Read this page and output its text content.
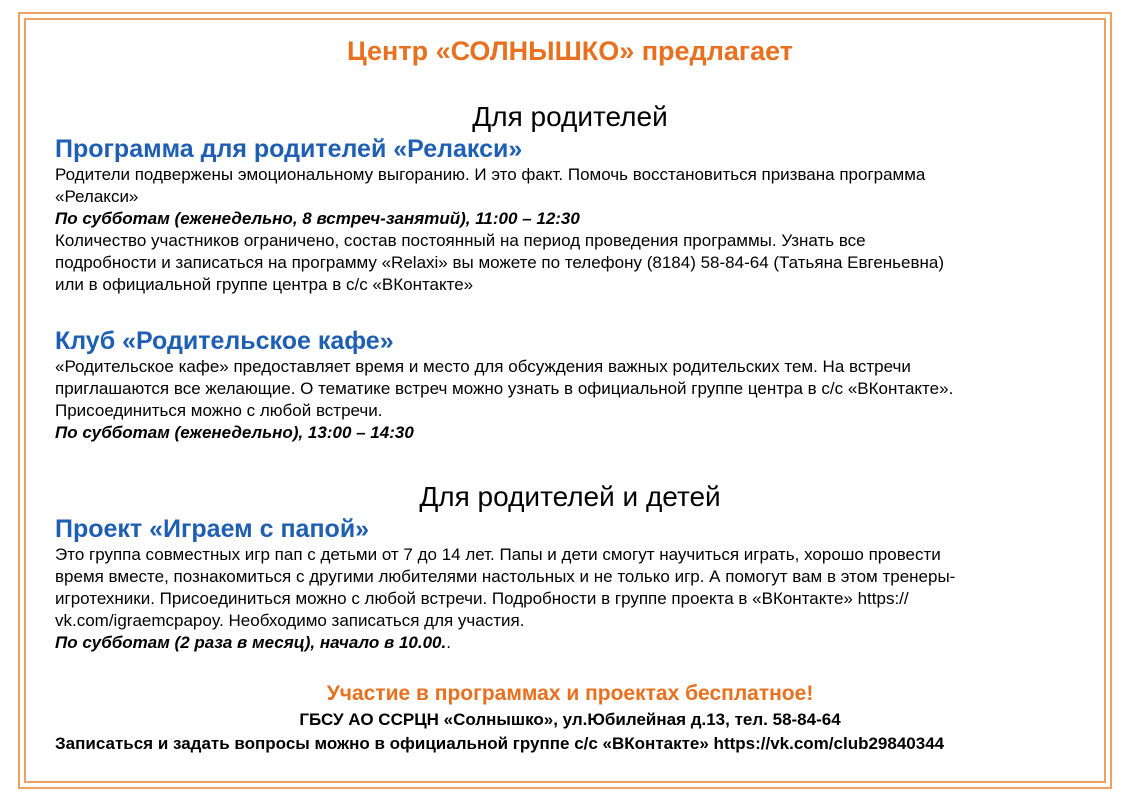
Центр «СОЛНЫШКО» предлагает

Для родителей

Программа для родителей «Релакси»

Родители подвержены эмоциональному выгоранию. И это факт. Помочь восстановиться призвана программа

«Релакси»

По субботам (еженедельно, 8 встреч-занятий), 11:00 – 12:30

Количество участников ограничено, состав постоянный на период проведения программы. Узнать все

подробности и записаться на программу «Relaxi» вы можете по телефону (8184) 58-84-64 (Татьяна Евгеньевна)

или в официальной группе центра в с/с «ВКонтакте»

Клуб «Родительское кафе»

«Родительское кафе» предоставляет время и место для обсуждения важных родительских тем. На встречи

приглашаются все желающие. О тематике встреч можно узнать в официальной группе центра в с/с «ВКонтакте».

Присоединиться можно с любой встречи.

По субботам (еженедельно), 13:00 – 14:30

Для родителей и детей

Проект «Играем с папой»

Это группа совместных игр пап с детьми от 7 до 14 лет. Папы и дети смогут научиться играть, хорошо провести

время вместе, познакомиться с другими любителями настольных и не только игр. А помогут вам в этом тренеры-

игротехники. Присоединиться можно с любой встречи. Подробности в группе проекта в «ВКонтакте» https://

vk.com/igraemcpapoy. Необходимо записаться для участия.

По субботам (2 раза в месяц), начало в 10.00..

Участие в программах и проектах бесплатное!

ГБСУ АО ССРЦН «Солнышко», ул.Юбилейная д.13, тел. 58-84-64

Записаться и задать вопросы можно в официальной группе с/с «ВКонтакте» https://vk.com/club29840344
